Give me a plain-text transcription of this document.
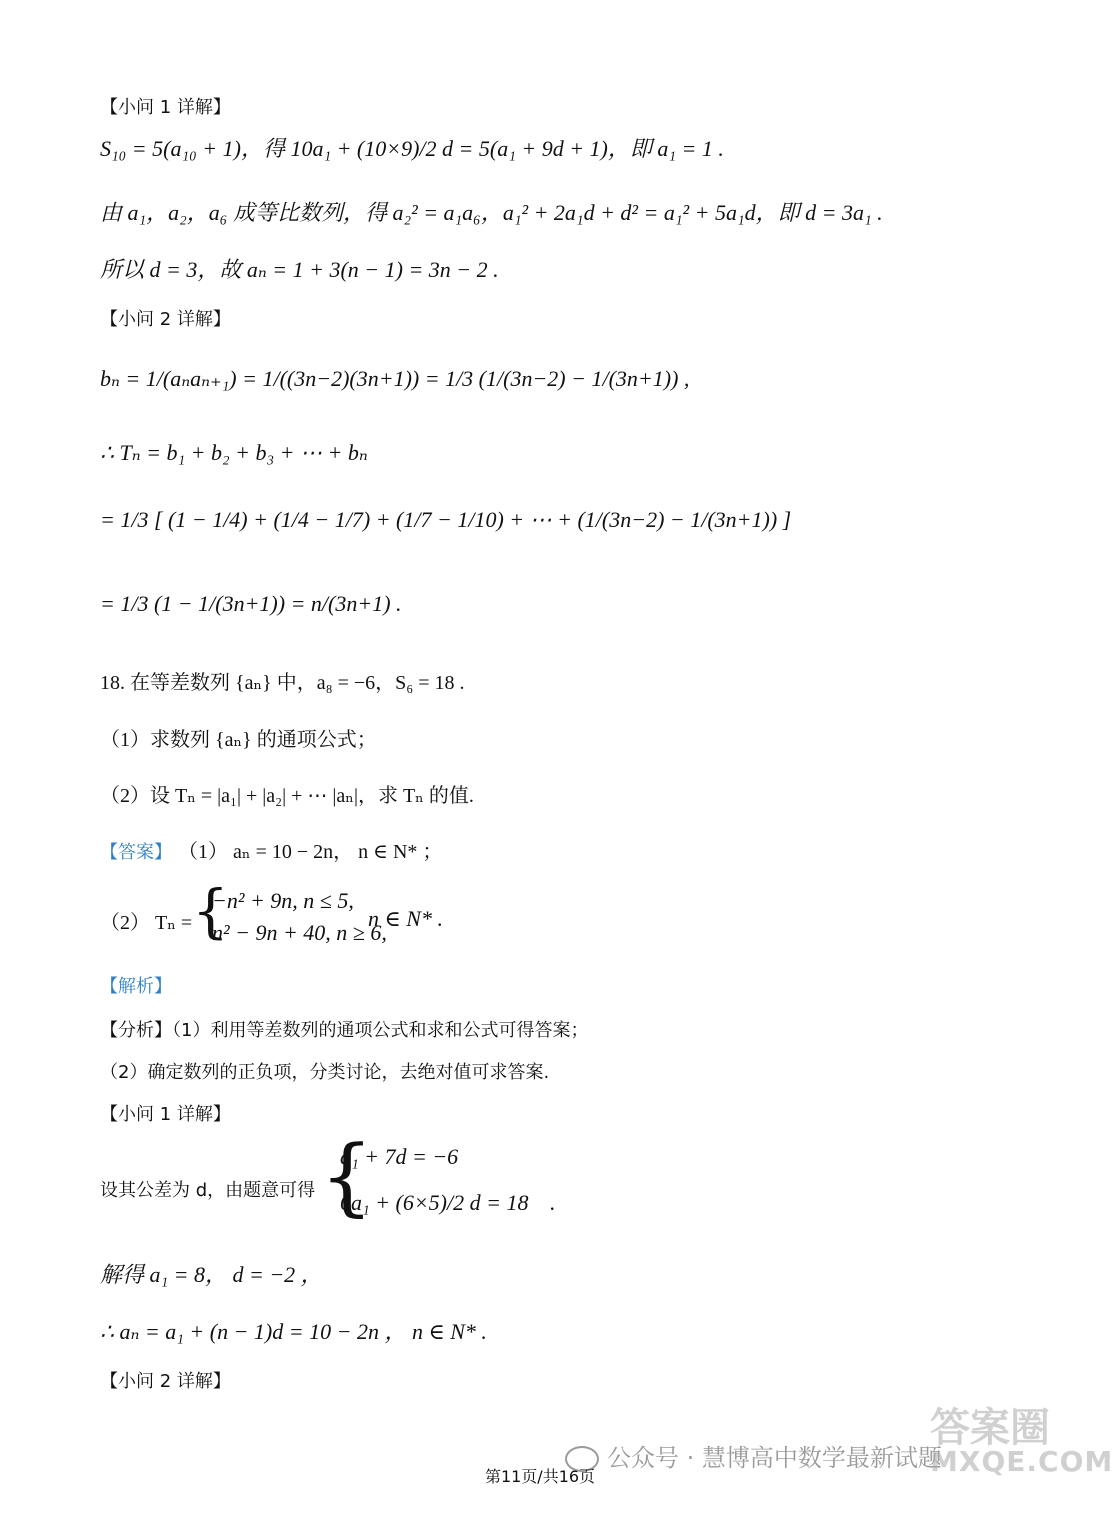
【小问 1 详解】
S₁₀ = 5(a₁₀ + 1)，得 10a₁ + (10×9)/2 d = 5(a₁ + 9d + 1)，即 a₁ = 1 .
由 a₁，a₂，a₆ 成等比数列，得 a₂² = a₁a₆，a₁² + 2a₁d + d² = a₁² + 5a₁d，即 d = 3a₁ .
所以 d = 3，故 aₙ = 1 + 3(n − 1) = 3n − 2 .
【小问 2 详解】
bₙ = 1/(aₙaₙ₊₁) = 1/((3n−2)(3n+1)) = 1/3 (1/(3n−2) − 1/(3n+1)) ,
∴ Tₙ = b₁ + b₂ + b₃ + ⋯ + bₙ
= 1/3 [ (1 − 1/4) + (1/4 − 1/7) + (1/7 − 1/10) + ⋯ + (1/(3n−2) − 1/(3n+1)) ]
= 1/3 (1 − 1/(3n+1)) = n/(3n+1) .
18. 在等差数列 {aₙ} 中，a₈ = −6，S₆ = 18 .
（1）求数列 {aₙ} 的通项公式；
（2）设 Tₙ = |a₁| + |a₂| + ⋯ |aₙ|，求 Tₙ 的值.
【答案】 （1） aₙ = 10 − 2n， n ∈ N* ；
（2） Tₙ = {
−n² + 9n, n ≤ 5,
n² − 9n + 40, n ≥ 6,
n ∈ N* .
【解析】
【分析】（1）利用等差数列的通项公式和求和公式可得答案；
（2）确定数列的正负项，分类讨论，去绝对值可求答案.
【小问 1 详解】
设其公差为 d，由题意可得 {
a₁ + 7d = −6
6a₁ + (6×5)/2 d = 18 .
解得 a₁ = 8， d = −2 ，
∴ aₙ = a₁ + (n − 1)d = 10 − 2n ， n ∈ N* .
【小问 2 详解】
公众号 · 慧博高中数学最新试题
答案圈
MXQE.COM
第11页/共16页
